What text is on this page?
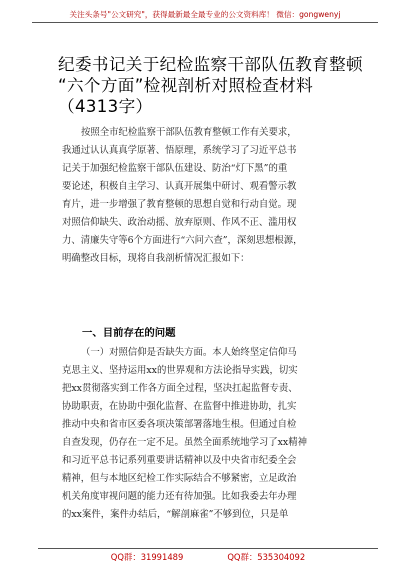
关注头条号"公文研究"，获得最新最全最专业的公文资料库！ 微信：gongwenyj
纪委书记关于纪检监察干部队伍教育整顿
“六个方面”检视剖析对照检查材料
（4313字）
按照全市纪检监察干部队伍教育整顿工作有关要求，
我通过认认真真学原著、悟原理，系统学习了习近平总书
记关于加强纪检监察干部队伍建设、防治“灯下黑”的重
要论述，积极自主学习、认真开展集中研讨、观看警示教
育片，进一步增强了教育整顿的思想自觉和行动自觉。现
对照信仰缺失、政治动摇、放弃原则、作风不正、滥用权
力、清廉失守等6个方面进行“六问六查”，深刻思想根源，
明确整改目标，现将自我剖析情况汇报如下：
一、目前存在的问题
（一）对照信仰是否缺失方面。本人始终坚定信仰马
克思主义、坚持运用xx的世界观和方法论指导实践，切实
把xx贯彻落实到工作各方面全过程，坚决扛起监督专责、
协助职责，在协助中强化监督、在监督中推进协助，扎实
推动中央和省市区委各项决策部署落地生根。但通过自检
自查发现，仍存在一定不足。虽然全面系统地学习了xx精神
和习近平总书记系列重要讲话精神以及中央省市纪委全会
精神，但与本地区纪检工作实际结合不够紧密，立足政治
机关角度审视问题的能力还有待加强。比如我委去年办理
的xx案件，案件办结后，“解剖麻雀”不够到位，只是单
QQ群：31991489	QQ群：535304092
